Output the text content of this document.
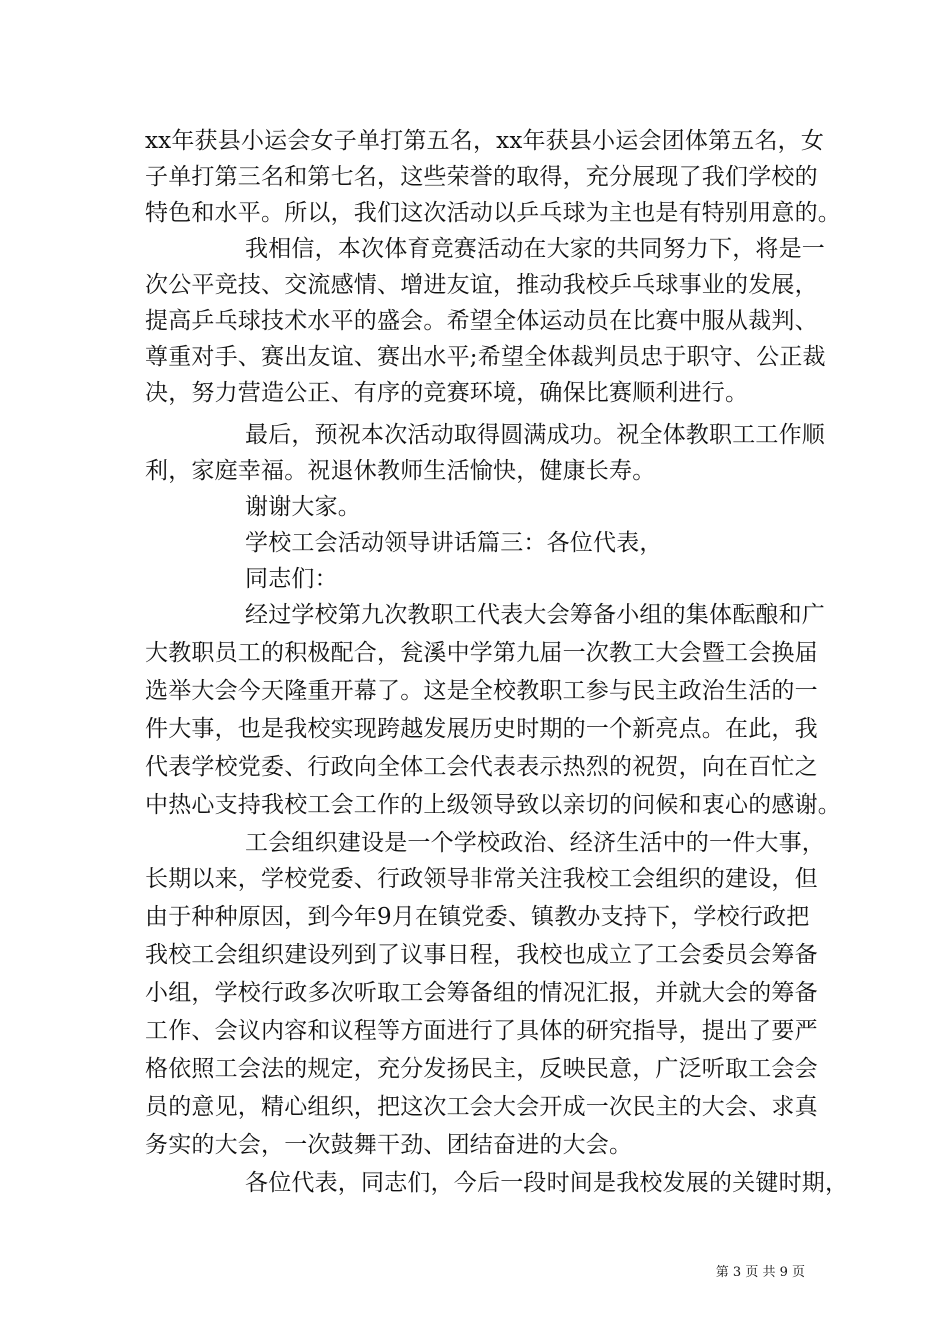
xx年获县小运会女子单打第五名，xx年获县小运会团体第五名，女
子单打第三名和第七名，这些荣誉的取得，充分展现了我们学校的
特色和水平。所以，我们这次活动以乒乓球为主也是有特别用意的。
我相信，本次体育竞赛活动在大家的共同努力下，将是一
次公平竞技、交流感情、增进友谊，推动我校乒乓球事业的发展，
提高乒乓球技术水平的盛会。希望全体运动员在比赛中服从裁判、
尊重对手、赛出友谊、赛出水平;希望全体裁判员忠于职守、公正裁
决，努力营造公正、有序的竞赛环境，确保比赛顺利进行。
最后，预祝本次活动取得圆满成功。祝全体教职工工作顺
利，家庭幸福。祝退休教师生活愉快，健康长寿。
谢谢大家。
学校工会活动领导讲话篇三：各位代表，
同志们：
经过学校第九次教职工代表大会筹备小组的集体酝酿和广
大教职员工的积极配合，瓮溪中学第九届一次教工大会暨工会换届
选举大会今天隆重开幕了。这是全校教职工参与民主政治生活的一
件大事，也是我校实现跨越发展历史时期的一个新亮点。在此，我
代表学校党委、行政向全体工会代表表示热烈的祝贺，向在百忙之
中热心支持我校工会工作的上级领导致以亲切的问候和衷心的感谢。
工会组织建设是一个学校政治、经济生活中的一件大事，
长期以来，学校党委、行政领导非常关注我校工会组织的建设，但
由于种种原因，到今年9月在镇党委、镇教办支持下，学校行政把
我校工会组织建设列到了议事日程，我校也成立了工会委员会筹备
小组，学校行政多次听取工会筹备组的情况汇报，并就大会的筹备
工作、会议内容和议程等方面进行了具体的研究指导，提出了要严
格依照工会法的规定，充分发扬民主，反映民意，广泛听取工会会
员的意见，精心组织，把这次工会大会开成一次民主的大会、求真
务实的大会，一次鼓舞干劲、团结奋进的大会。
各位代表，同志们，今后一段时间是我校发展的关键时期，
第 3 页 共 9 页
